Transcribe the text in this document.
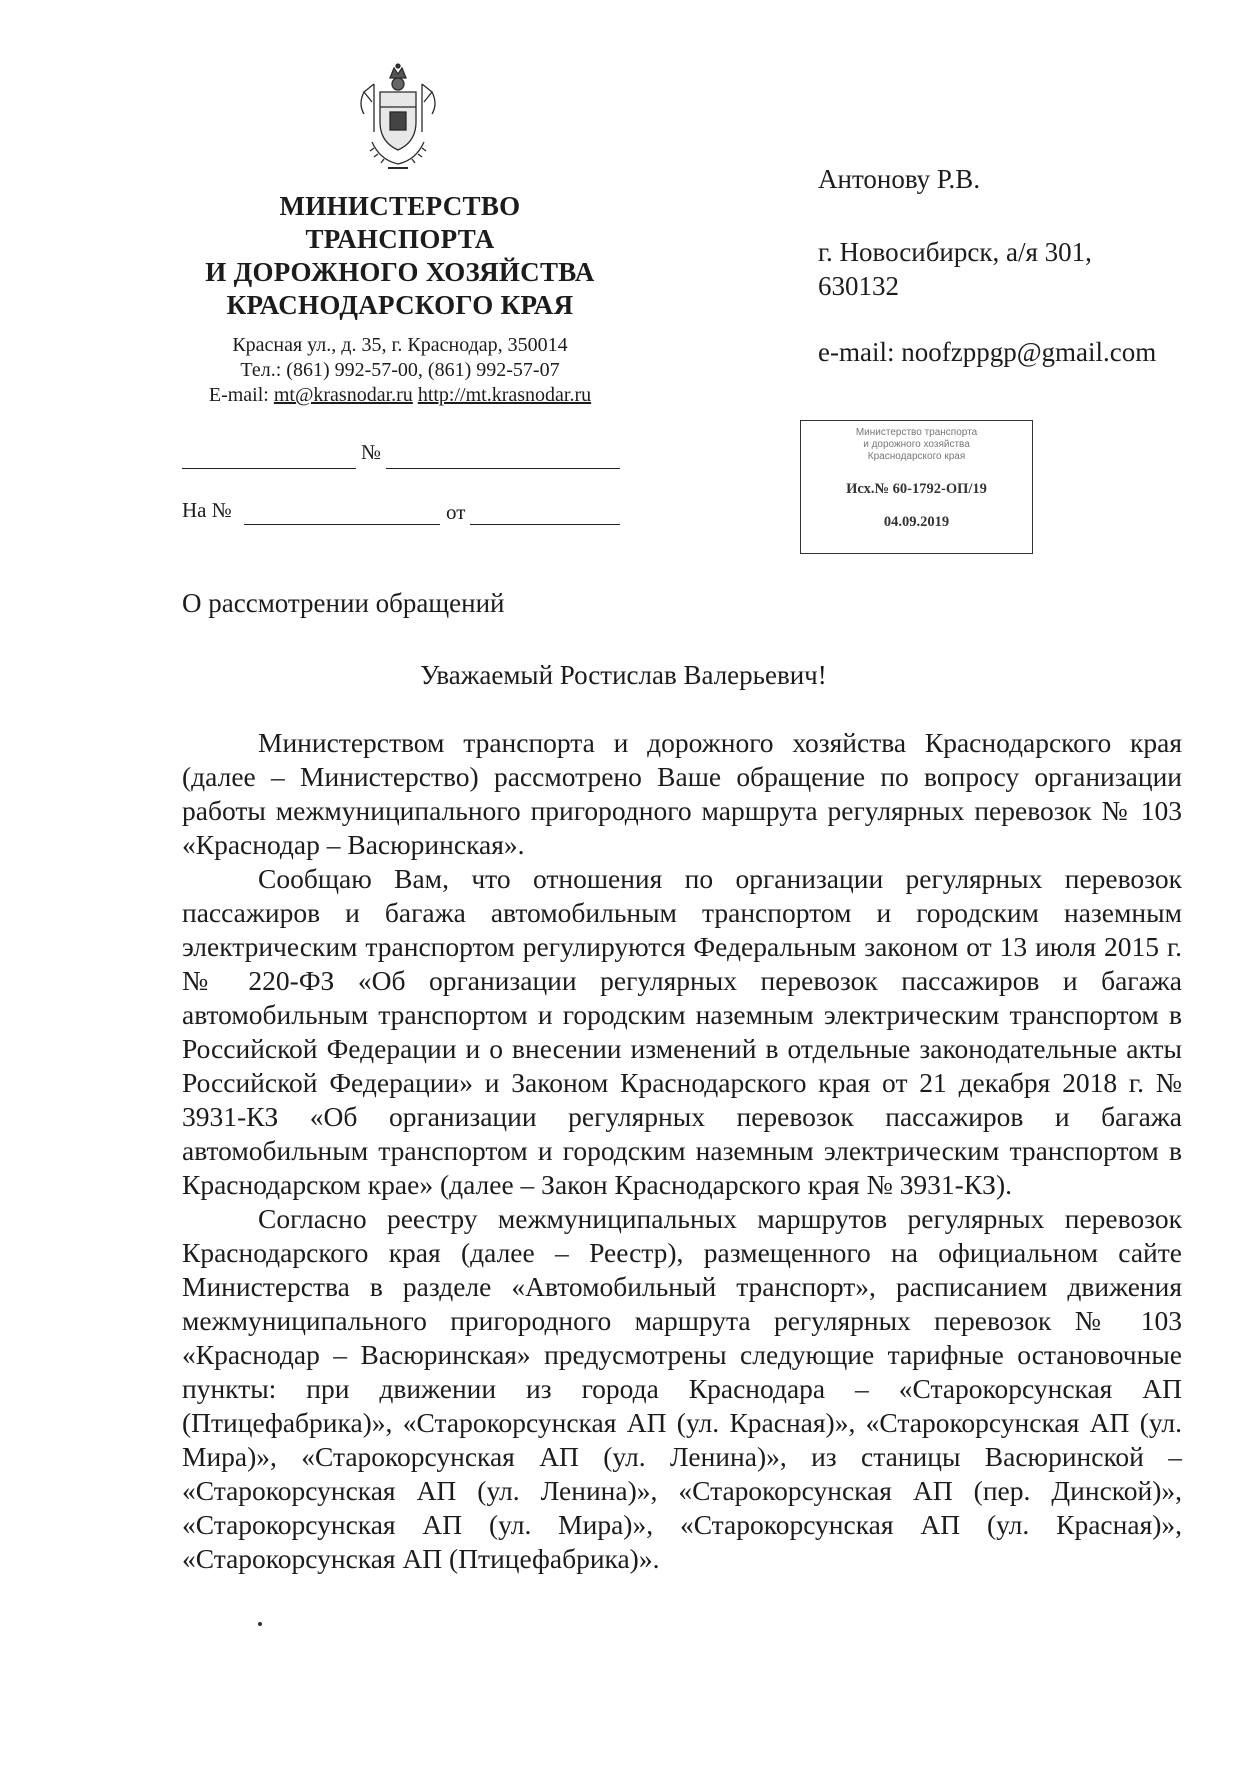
МИНИСТЕРСТВО
ТРАНСПОРТА
И ДОРОЖНОГО ХОЗЯЙСТВА
КРАСНОДАРСКОГО КРАЯ
Красная ул., д. 35, г. Краснодар, 350014
Тел.: (861) 992-57-00, (861) 992-57-07
E-mail: mt@krasnodar.ru http://mt.krasnodar.ru
№
На №	от
Антонову Р.В.
г. Новосибирск, а/я 301,
630132
e-mail: noofzppgp@gmail.com
Министерство транспорта
и дорожного хозяйства
Краснодарского края
Исх.№ 60-1792-ОП/19
04.09.2019
О рассмотрении обращений
Уважаемый Ростислав Валерьевич!

Министерством транспорта и дорожного хозяйства Краснодарского края (далее – Министерство) рассмотрено Ваше обращение по вопросу организации работы межмуниципального пригородного маршрута регулярных перевозок № 103 «Краснодар – Васюринская».

Сообщаю Вам, что отношения по организации регулярных перевозок пассажиров и багажа автомобильным транспортом и городским наземным электрическим транспортом регулируются Федеральным законом от 13 июля 2015 г. № 220-ФЗ «Об организации регулярных перевозок пассажиров и багажа автомобильным транспортом и городским наземным электрическим транспортом в Российской Федерации и о внесении изменений в отдельные законодательные акты Российской Федерации» и Законом Краснодарского края от 21 декабря 2018 г. № 3931-КЗ «Об организации регулярных перевозок пассажиров и багажа автомобильным транспортом и городским наземным электрическим транспортом в Краснодарском крае» (далее – Закон Краснодарского края № 3931-КЗ).

Согласно реестру межмуниципальных маршрутов регулярных перевозок Краснодарского края (далее – Реестр), размещенного на официальном сайте Министерства в разделе «Автомобильный транспорт», расписанием движения межмуниципального пригородного маршрута регулярных перевозок № 103 «Краснодар – Васюринская» предусмотрены следующие тарифные остановочные пункты: при движении из города Краснодара – «Старокорсунская АП (Птицефабрика)», «Старокорсунская АП (ул. Красная)», «Старокорсунская АП (ул. Мира)», «Старокорсунская АП (ул. Ленина)», из станицы Васюринской – «Старокорсунская АП (ул. Ленина)», «Старокорсунская АП (пер. Динской)», «Старокорсунская АП (ул. Мира)», «Старокорсунская АП (ул. Красная)», «Старокорсунская АП (Птицефабрика)».
